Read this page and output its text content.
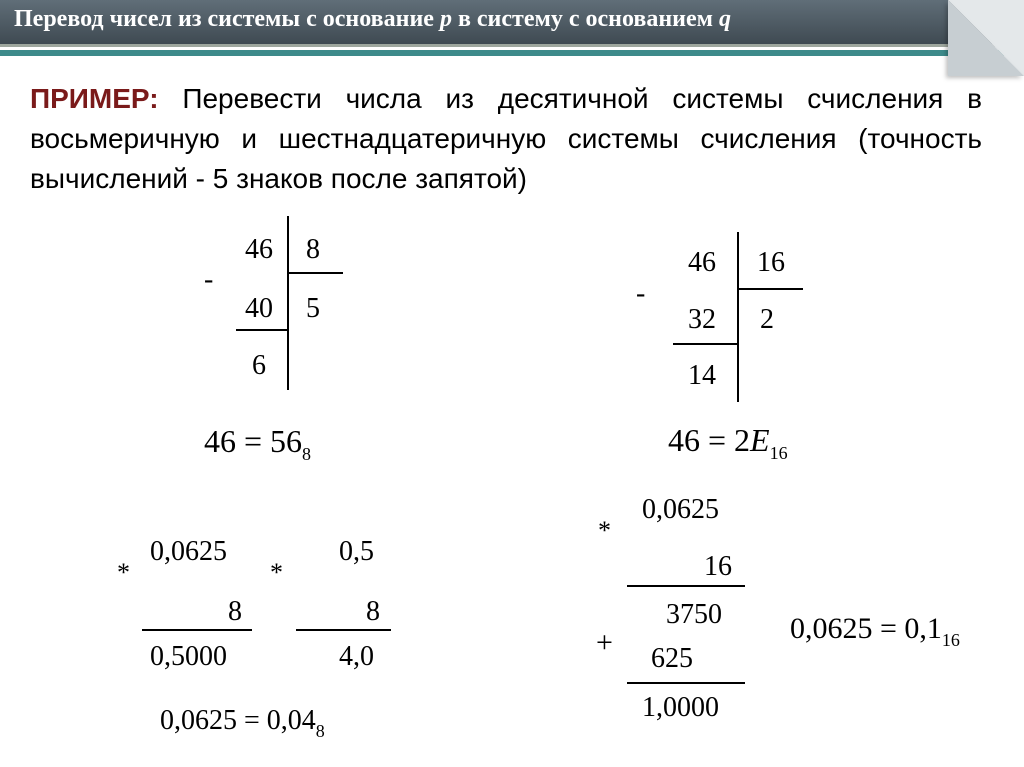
Перевод чисел из системы с основание p в систему с основанием q
ПРИМЕР: Перевести числа из десятичной системы счисления в восьмеричную и шестнадцатеричную системы счисления (точность вычислений - 5 знаков после запятой)
-
46 8
40 5
6
$46 = 56_8$
-
46 16
32 2
14
$46 = 2E_{16}$
*
0,0625
8
0,5000
*
0,5
8
4,0
$0,0625 = 0,04_8$
*
0,0625
16
3750
+ 625
1,0000
$0,0625 = 0,1_{16}$
